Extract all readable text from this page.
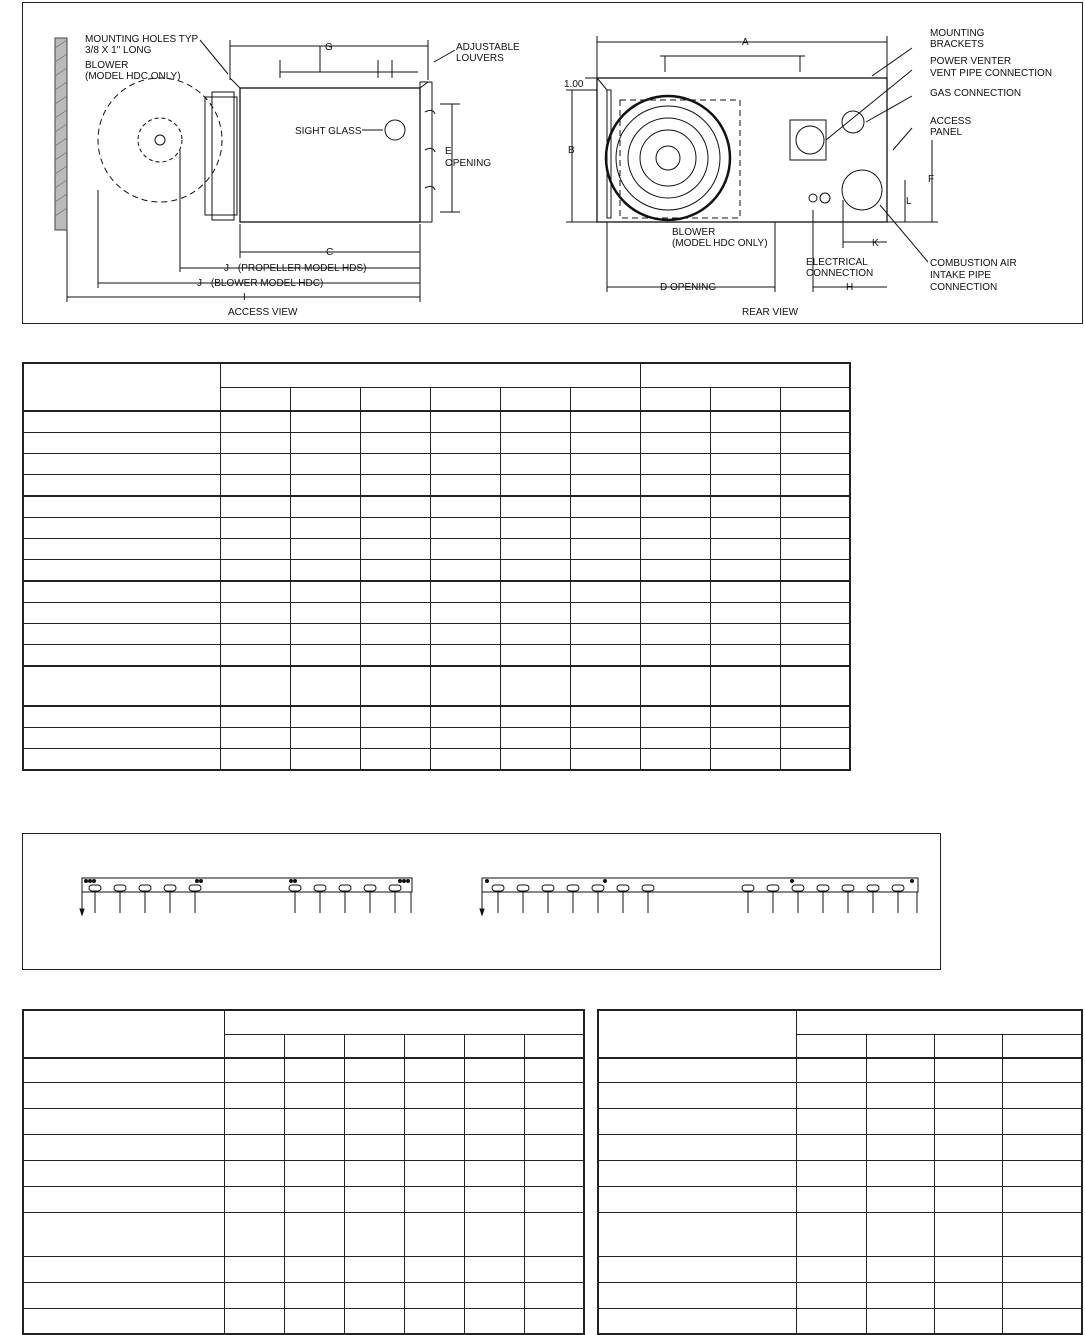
MOUNTING HOLES TYP
3/8 X 1" LONG
BLOWER
(MODEL HDC ONLY)
G	ADJUSTABLE
LOUVERS
SIGHT GLASS
E
OPENING
C
J - (PROPELLER MODEL HDS)
J - (BLOWER MODEL HDC)
I
ACCESS VIEW
A
MOUNTING
BRACKETS
POWER VENTER
VENT PIPE CONNECTION
GAS CONNECTION
ACCESS
PANEL
1.00
B
F
L
K
BLOWER
(MODEL HDC ONLY)
ELECTRICAL
CONNECTION
COMBUSTION AIR
INTAKE PIPE
CONNECTION
H
D OPENING
REAR VIEW
